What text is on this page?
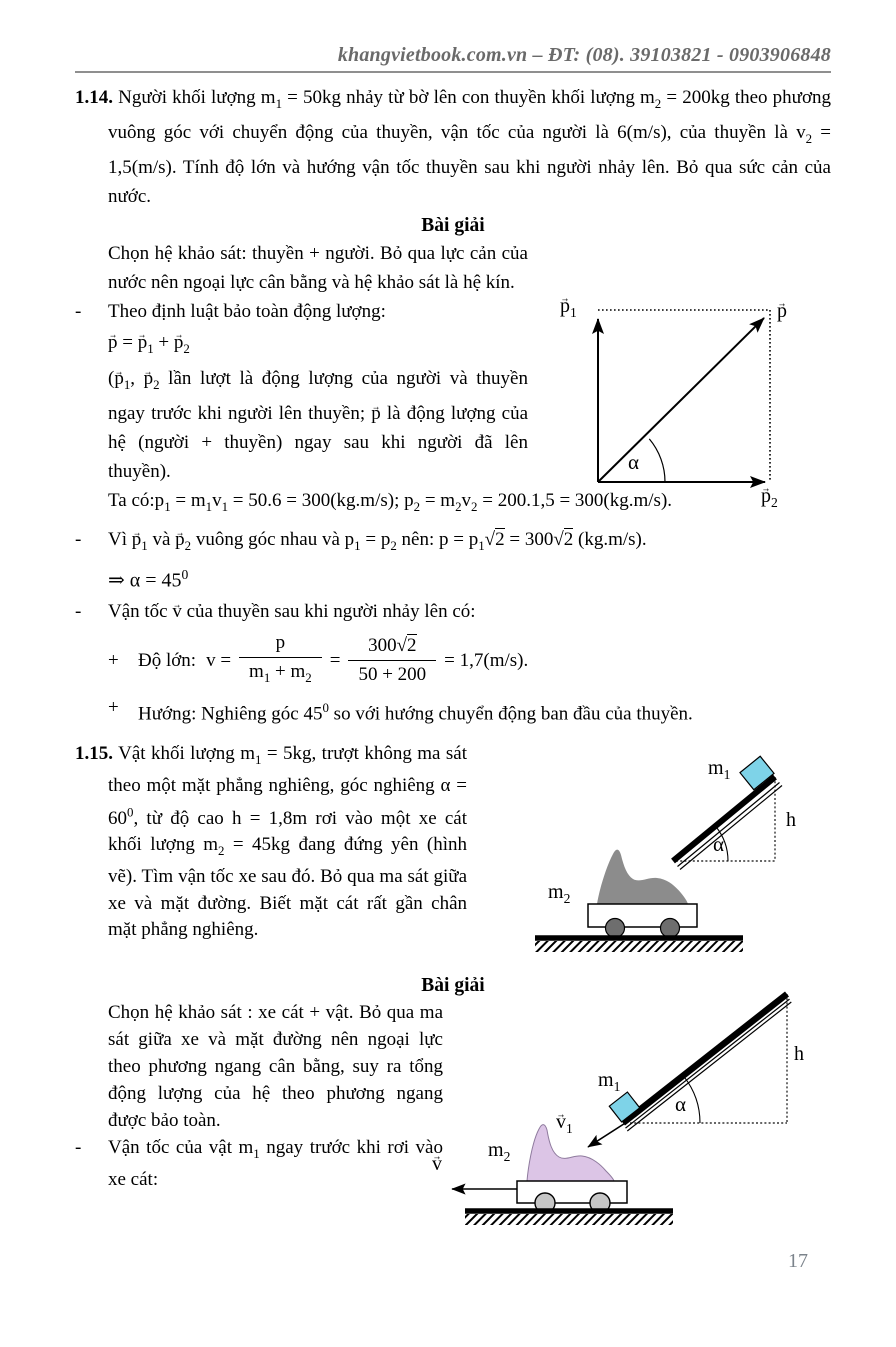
khangvietbook.com.vn – ĐT: (08). 39103821 - 0903906848

1.14. Người khối lượng $m_1 = 50kg$ nhảy từ bờ lên con thuyền khối lượng $m_2 = 200kg$ theo phương vuông góc với chuyển động của thuyền, vận tốc của người là 6(m/s), của thuyền là $v_2 = 1,5(m/s)$. Tính độ lớn và hướng vận tốc thuyền sau khi người nhảy lên. Bỏ qua sức cản của nước.

Bài giải

Chọn hệ khảo sát: thuyền + người. Bỏ qua lực cản của nước nên ngoại lực cân bằng và hệ khảo sát là hệ kín.

-	Theo định luật bảo toàn động lượng:

→ p = → $p_1$ + → $p_2$

(→ $p_1$, → $p_2$ lần lượt là động lượng của người và thuyền ngay trước khi người lên thuyền; → p là động lượng của hệ (người + thuyền) ngay sau khi người đã lên thuyền).

→ $p_1$	→ p
→ $p_2$
α

Ta $có:p_1 = m_1v_1 = 50.6 = 300(kg.m/s)$; $p_2 = m_2v_2 = 200.1,5 = 300(kg.m/s)$.

-	Vì → $p_1$ và → $p_2$ vuông góc nhau và $p_1 = p_2$ nên: $p = p_1√2 = 300√2$ (kg.m/s).

⇒ $\alpha = 45^0$

-	Vận tốc → v của thuyền sau khi người nhảy lên có:
+	Độ lớn: $v = \frac{p}{m_1 + m_2} = \frac{300√2}{50 + 200} = 1,7(m/s)$.
+	Hướng: Nghiêng góc $45^0$ so với hướng chuyển động ban đầu của thuyền.

1.15. Vật khối lượng $m_1 = 5kg$, trượt không ma sát theo một mặt phẳng nghiêng, góc nghiêng $\alpha = 60^0$, từ độ cao h = 1,8m rơi vào một xe cát khối lượng $m_2 = 45kg$ đang đứng yên (hình vẽ). Tìm vận tốc xe sau đó. Bỏ qua ma sát giữa xe và mặt đường. Biết mặt cát rất gần chân mặt phẳng nghiêng.

$m_1$
$m_2$
h
α
Bài giải

Chọn hệ khảo sát : xe cát + vật. Bỏ qua ma sát giữa xe và mặt đường nên ngoại lực theo phương ngang cân bằng, suy ra tổng động lượng của hệ theo phương ngang được bảo toàn.

-	Vận tốc của vật $m_1$ ngay trước khi rơi vào xe cát:
$m_1$
→ $v_1$
α
h
$m_2$
→ v
17
